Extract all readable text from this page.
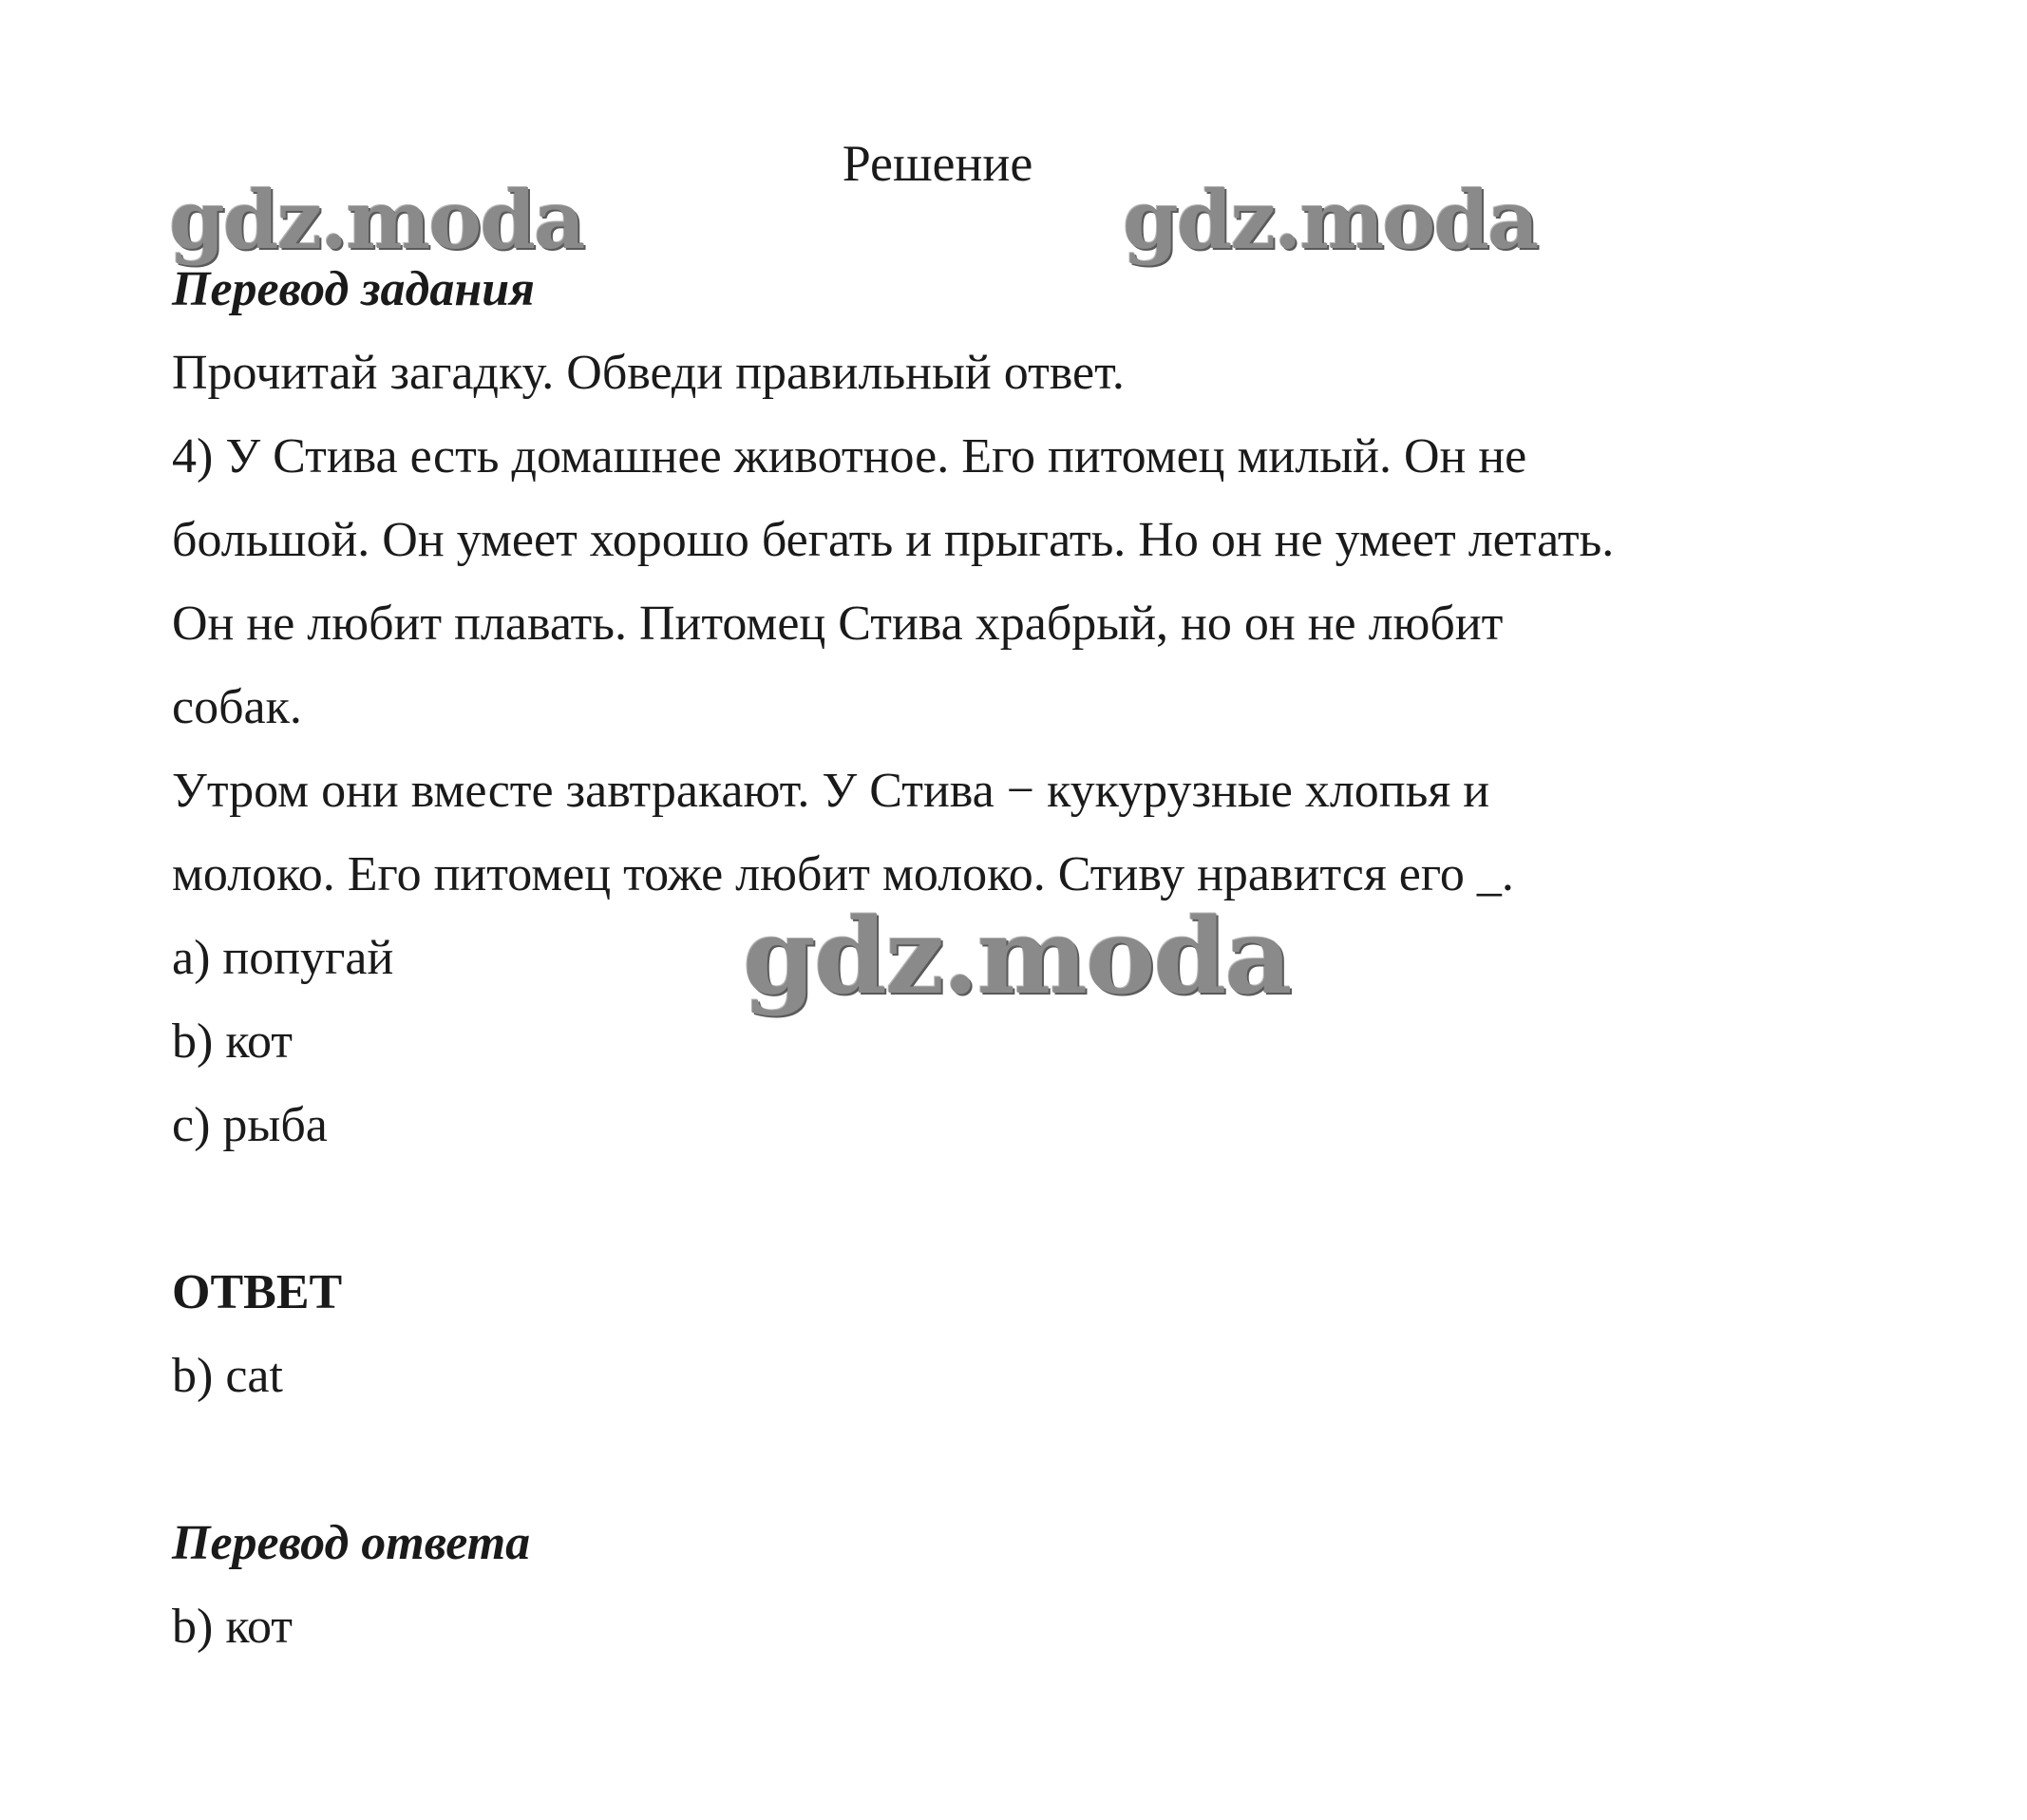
Решение
gdz.moda	gdz.moda
Перевод задания
Прочитай загадку. Обведи правильный ответ.
4) У Стива есть домашнее животное. Его питомец милый. Он не
большой. Он умеет хорошо бегать и прыгать. Но он не умеет летать.
Он не любит плавать. Питомец Стива храбрый, но он не любит
собак.
Утром они вместе завтракают. У Стива − кукурузные хлопья и
молоко. Его питомец тоже любит молоко. Стиву нравится его _.
a) попугай
b) кот
c) рыба
gdz.moda
ОТВЕТ
b) cat
Перевод ответа
b) кот
